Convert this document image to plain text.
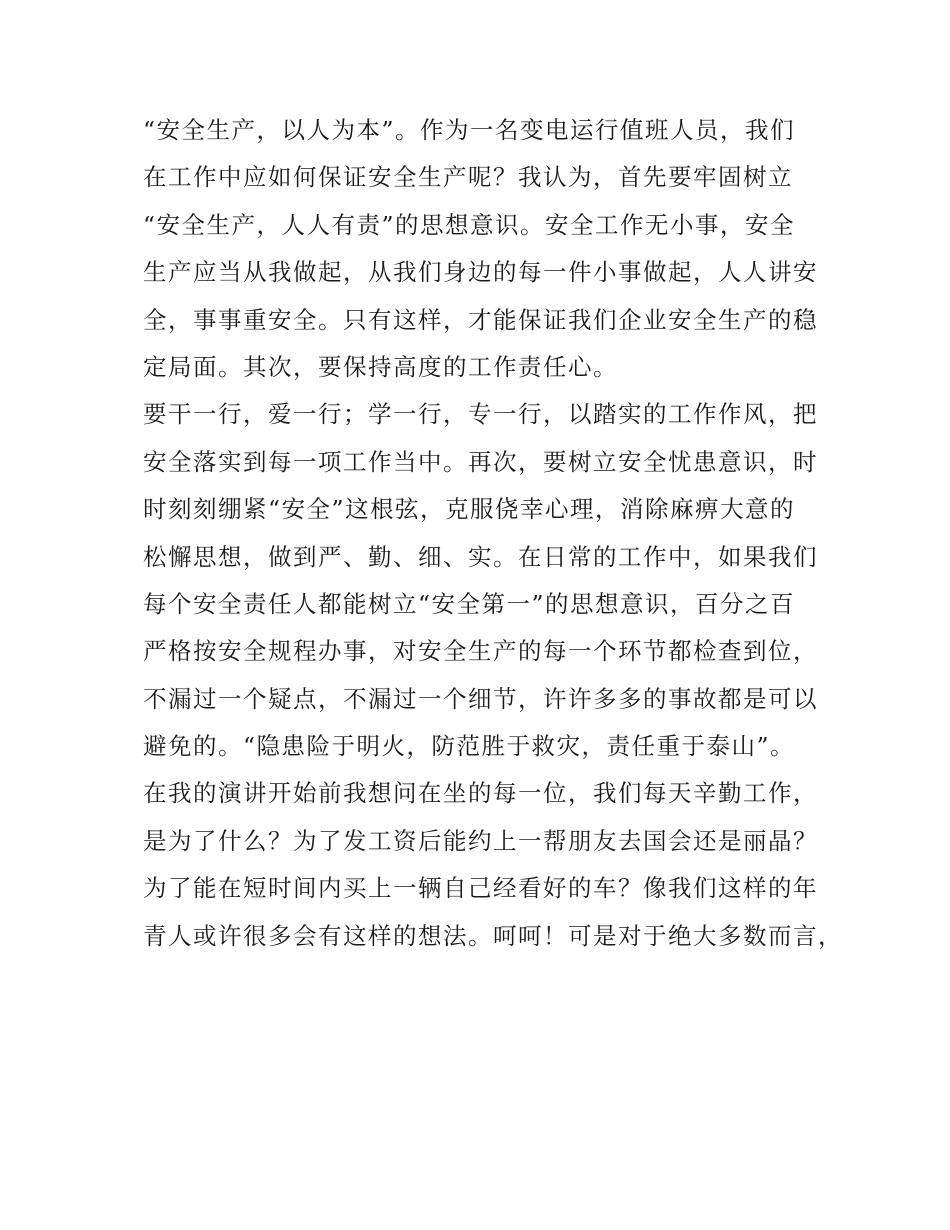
“安全生产，以人为本”。作为一名变电运行值班人员，我们
在工作中应如何保证安全生产呢？我认为，首先要牢固树立
“安全生产，人人有责”的思想意识。安全工作无小事，安全
生产应当从我做起，从我们身边的每一件小事做起，人人讲安
全，事事重安全。只有这样，才能保证我们企业安全生产的稳
定局面。其次，要保持高度的工作责任心。
要干一行，爱一行；学一行，专一行，以踏实的工作作风，把
安全落实到每一项工作当中。再次，要树立安全忧患意识，时
时刻刻绷紧“安全”这根弦，克服侥幸心理，消除麻痹大意的
松懈思想，做到严、勤、细、实。在日常的工作中，如果我们
每个安全责任人都能树立“安全第一”的思想意识，百分之百
严格按安全规程办事，对安全生产的每一个环节都检查到位，
不漏过一个疑点，不漏过一个细节，许许多多的事故都是可以
避免的。“隐患险于明火，防范胜于救灾，责任重于泰山”。
在我的演讲开始前我想问在坐的每一位，我们每天辛勤工作，
是为了什么？为了发工资后能约上一帮朋友去国会还是丽晶？
为了能在短时间内买上一辆自己经看好的车？像我们这样的年
青人或许很多会有这样的想法。呵呵！可是对于绝大多数而言，
